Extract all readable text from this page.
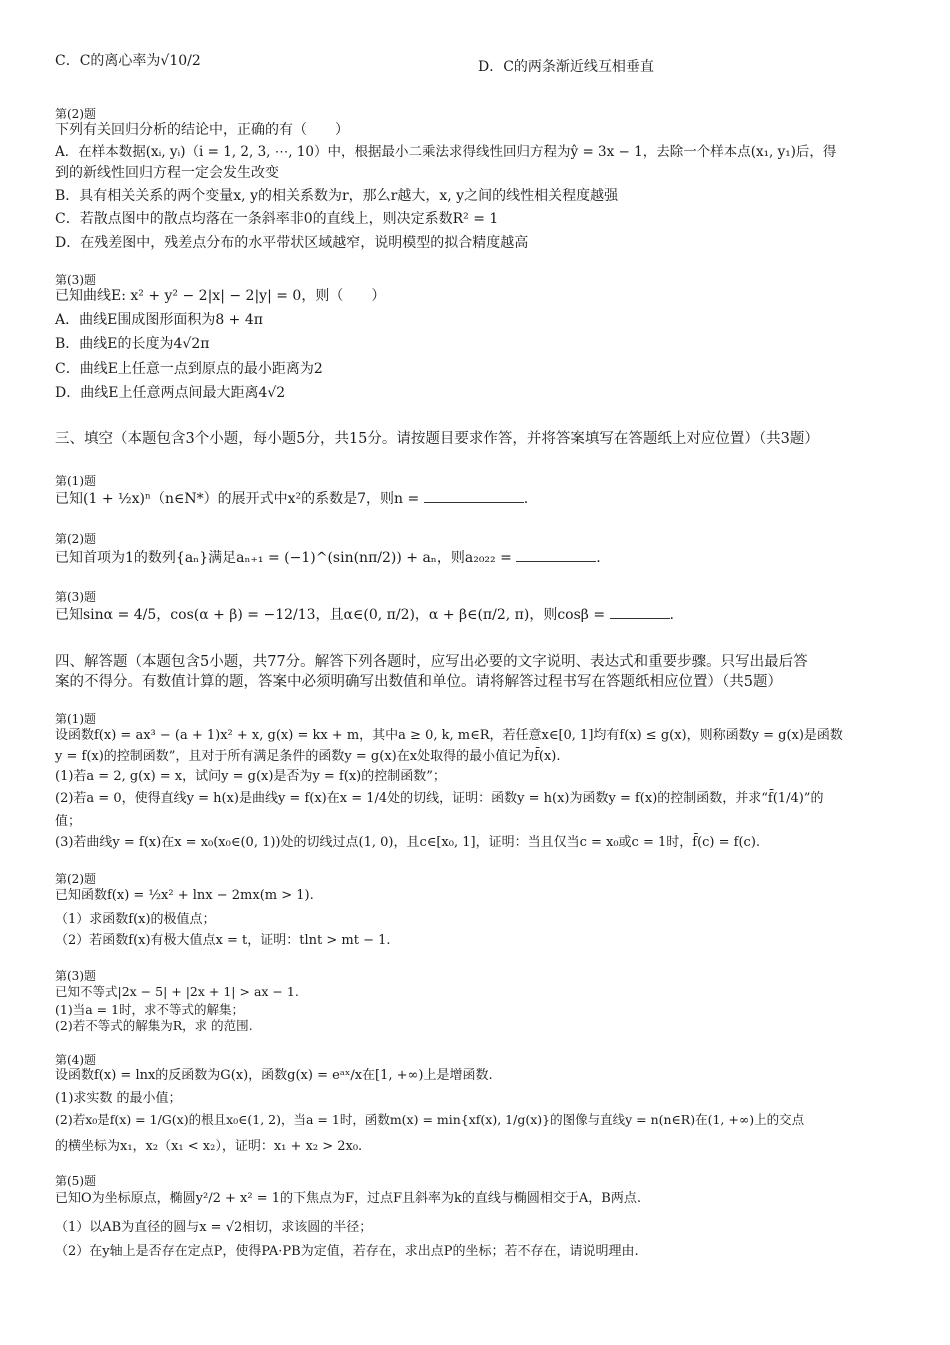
C．C的离心率为√10/2	D．C的两条渐近线互相垂直
第(2)题
下列有关回归分析的结论中，正确的有（　　）
A．在样本数据(xᵢ, yᵢ)（i = 1, 2, 3, ⋯, 10）中，根据最小二乘法求得线性回归方程为ŷ = 3x − 1，去除一个样本点(x₁, y₁)后，得
到的新线性回归方程一定会发生改变
B．具有相关关系的两个变量x, y的相关系数为r，那么r越大，x, y之间的线性相关程度越强
C．若散点图中的散点均落在一条斜率非0的直线上，则决定系数R² = 1
D．在残差图中，残差点分布的水平带状区域越窄，说明模型的拟合精度越高
第(3)题
已知曲线E: x² + y² − 2|x| − 2|y| = 0，则（　　）
A．曲线E围成图形面积为8 + 4π
B．曲线E的长度为4√2π
C．曲线E上任意一点到原点的最小距离为2
D．曲线E上任意两点间最大距离4√2
三、填空（本题包含3个小题，每小题5分，共15分。请按题目要求作答，并将答案填写在答题纸上对应位置）（共3题）
第(1)题
已知(1 + ½x)ⁿ（n∈N*）的展开式中x²的系数是7，则n =	.
第(2)题
已知首项为1的数列{aₙ}满足aₙ₊₁ = (−1)^(sin(nπ/2)) + aₙ，则a₂₀₂₂ =	.
第(3)题
已知sinα = 4/5，cos(α + β) = −12/13，且α∈(0, π/2)，α + β∈(π/2, π)，则cosβ =	.
四、解答题（本题包含5小题，共77分。解答下列各题时，应写出必要的文字说明、表达式和重要步骤。只写出最后答
案的不得分。有数值计算的题，答案中必须明确写出数值和单位。请将解答过程书写在答题纸相应位置）（共5题）
第(1)题
设函数f(x) = ax³ − (a + 1)x² + x, g(x) = kx + m，其中a ≥ 0, k, m∈R，若任意x∈[0, 1]均有f(x) ≤ g(x)，则称函数y = g(x)是函数
y = f(x)的控制函数”，且对于所有满足条件的函数y = g(x)在x处取得的最小值记为f̄(x).
(1)若a = 2, g(x) = x，试问y = g(x)是否为y = f(x)的控制函数”；
(2)若a = 0，使得直线y = h(x)是曲线y = f(x)在x = 1/4处的切线，证明：函数y = h(x)为函数y = f(x)的控制函数，并求“f̄(1/4)”的
值；
(3)若曲线y = f(x)在x = x₀(x₀∈(0, 1))处的切线过点(1, 0)，且c∈[x₀, 1]，证明：当且仅当c = x₀或c = 1时，f̄(c) = f(c).
第(2)题
已知函数f(x) = ½x² + lnx − 2mx(m > 1).
（1）求函数f(x)的极值点；
（2）若函数f(x)有极大值点x = t，证明：tlnt > mt − 1.
第(3)题
已知不等式|2x − 5| + |2x + 1| > ax − 1.
(1)当a = 1时，求不等式的解集；
(2)若不等式的解集为R，求 的范围.
第(4)题
设函数f(x) = lnx的反函数为G(x)，函数g(x) = eᵃˣ/x在[1, +∞)上是增函数.
(1)求实数 的最小值；
(2)若x₀是f(x) = 1/G(x)的根且x₀∈(1, 2)，当a = 1时，函数m(x) = min{xf(x), 1/g(x)}的图像与直线y = n(n∈R)在(1, +∞)上的交点
的横坐标为x₁，x₂（x₁ < x₂），证明：x₁ + x₂ > 2x₀.
第(5)题
已知O为坐标原点，椭圆y²/2 + x² = 1的下焦点为F，过点F且斜率为k的直线与椭圆相交于A，B两点.
（1）以AB为直径的圆与x = √2相切，求该圆的半径；
（2）在y轴上是否存在定点P，使得PA·PB为定值，若存在，求出点P的坐标；若不存在，请说明理由.
